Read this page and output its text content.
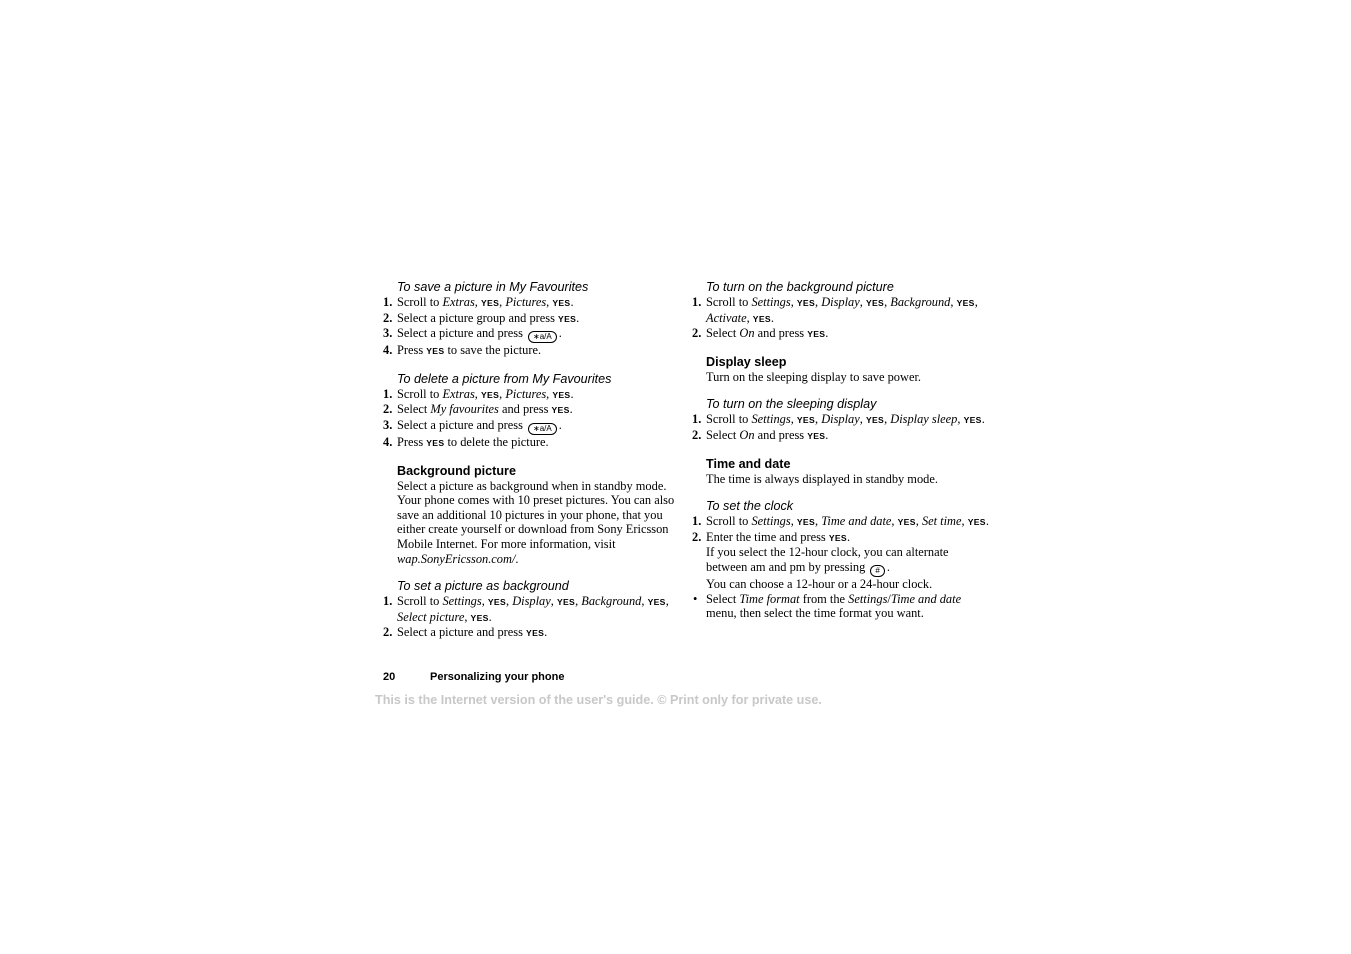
To save a picture in My Favourites
1. Scroll to Extras, YES, Pictures, YES.
2. Select a picture group and press YES.
3. Select a picture and press ∗a/A .
4. Press YES to save the picture.
To delete a picture from My Favourites
1. Scroll to Extras, YES, Pictures, YES.
2. Select My favourites and press YES.
3. Select a picture and press ∗a/A .
4. Press YES to delete the picture.
Background picture
Select a picture as background when in standby mode. Your phone comes with 10 preset pictures. You can also save an additional 10 pictures in your phone, that you either create yourself or download from Sony Ericsson Mobile Internet. For more information, visit wap.SonyEricsson.com/.
To set a picture as background
1. Scroll to Settings, YES, Display, YES, Background, YES,
Select picture, YES.
2. Select a picture and press YES.
To turn on the background picture
1. Scroll to Settings, YES, Display, YES, Background, YES,
Activate, YES.
2. Select On and press YES.
Display sleep
Turn on the sleeping display to save power.
To turn on the sleeping display
1. Scroll to Settings, YES, Display, YES, Display sleep, YES.
2. Select On and press YES.
Time and date
The time is always displayed in standby mode.
To set the clock
1. Scroll to Settings, YES, Time and date, YES, Set time, YES.
2. Enter the time and press YES.
If you select the 12-hour clock, you can alternate between am and pm by pressing # .
You can choose a 12-hour or a 24-hour clock.
• Select Time format from the Settings/Time and date menu, then select the time format you want.
20	Personalizing your phone
This is the Internet version of the user's guide. © Print only for private use.
